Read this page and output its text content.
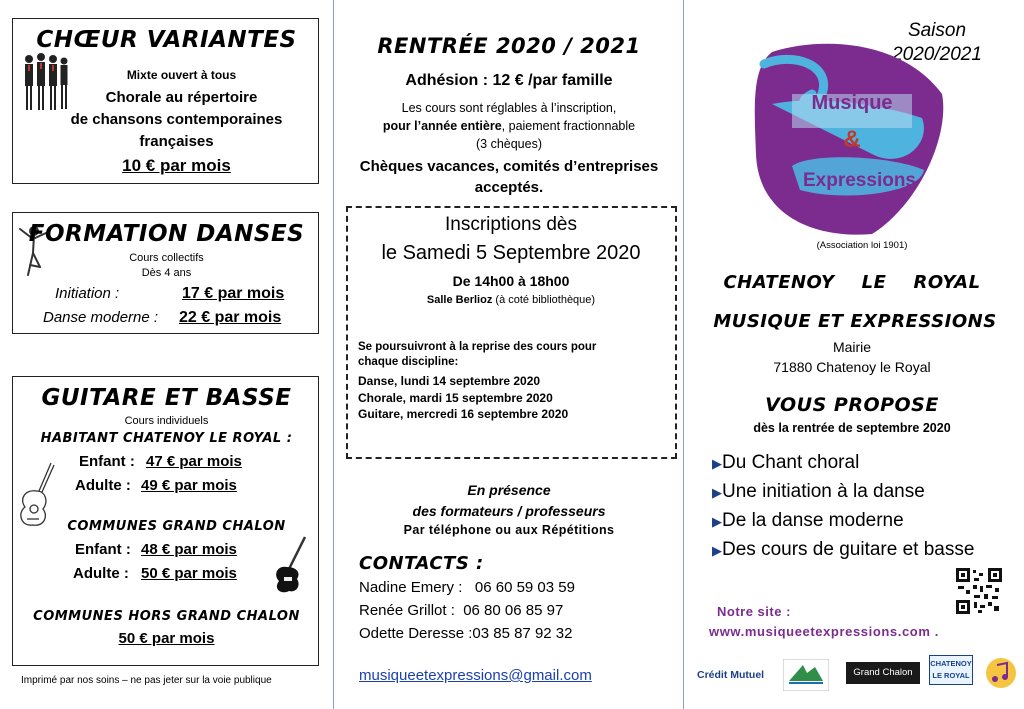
CHŒUR VARIANTES
Mixte ouvert à tous
Chorale au répertoire
de chansons contemporaines
françaises
10 € par mois
FORMATION DANSES
Cours collectifs
Dès 4 ans
Initiation :	17 € par mois
Danse moderne : 22 € par mois
GUITARE ET BASSE
Cours individuels
HABITANT CHATENOY LE ROYAL :
Enfant : 47 € par mois
Adulte : 49 € par mois
COMMUNES GRAND CHALON
Enfant : 48 € par mois
Adulte : 50 € par mois
COMMUNES HORS GRAND CHALON
50 € par mois
Imprimé par nos soins – ne pas jeter sur la voie publique
RENTRÉE 2020 / 2021
Adhésion : 12 € /par famille
Les cours sont réglables à l’inscription,
pour l’année entière, paiement fractionnable
(3 chèques)
Chèques vacances, comités d’entreprises
acceptés.
Inscriptions dès
le Samedi 5 Septembre 2020
De 14h00 à 18h00
Salle Berlioz (à coté bibliothèque)
Se poursuivront à la reprise des cours pour
chaque discipline:
Danse, lundi 14 septembre 2020
Chorale, mardi 15 septembre 2020
Guitare, mercredi 16 septembre 2020
En présence
des formateurs / professeurs
Par téléphone ou aux Répétitions
CONTACTS :
Nadine Emery :   06 60 59 03 59
Renée Grillot :  06 80 06 85 97
Odette Deresse :03 85 87 92 32
musiqueetexpressions@gmail.com
Saison
2020/2021
Musique
&
Expressions
(Association loi 1901)
CHATENOY    LE    ROYAL
MUSIQUE ET EXPRESSIONS
Mairie
71880 Chatenoy le Royal
VOUS PROPOSE
dès la rentrée de septembre 2020
▶Du Chant choral
▶Une initiation à la danse
▶De la danse moderne
▶Des cours de guitare et basse
Notre site :
www.musiqueetexpressions.com .
Crédit Mutuel	Grand Chalon
CHATENOY
LE ROYAL
